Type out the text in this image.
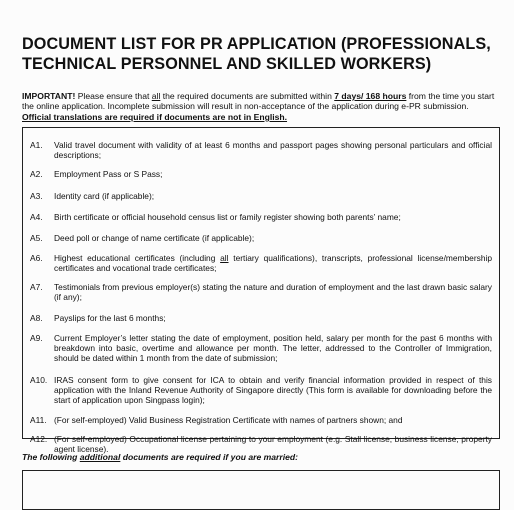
DOCUMENT LIST FOR PR APPLICATION (PROFESSIONALS,
TECHNICAL PERSONNEL AND SKILLED WORKERS)
IMPORTANT! Please ensure that all the required documents are submitted within 7 days/ 168 hours from the time you start the online application. Incomplete submission will result in non-acceptance of the application during e-PR submission. Official translations are required if documents are not in English.
A1.	Valid travel document with validity of at least 6 months and passport pages showing personal particulars and official descriptions;
A2.	Employment Pass or S Pass;
A3.	Identity card (if applicable);
A4.	Birth certificate or official household census list or family register showing both parents’ name;
A5.	Deed poll or change of name certificate (if applicable);
A6.	Highest educational certificates (including all tertiary qualifications), transcripts, professional license/membership certificates and vocational trade certificates;
A7.	Testimonials from previous employer(s) stating the nature and duration of employment and the last drawn basic salary (if any);
A8.	Payslips for the last 6 months;
A9.	Current Employer’s letter stating the date of employment, position held, salary per month for the past 6 months with breakdown into basic, overtime and allowance per month. The letter, addressed to the Controller of Immigration, should be dated within 1 month from the date of submission;
A10. IRAS consent form to give consent for ICA to obtain and verify financial information provided in respect of this application with the Inland Revenue Authority of Singapore directly (This form is available for downloading before the start of application upon Singpass login);
A11. (For self-employed) Valid Business Registration Certificate with names of partners shown; and
A12. (For self-employed) Occupational license pertaining to your employment (e.g. Stall license, business license, property agent license).
The following additional documents are required if you are married:
